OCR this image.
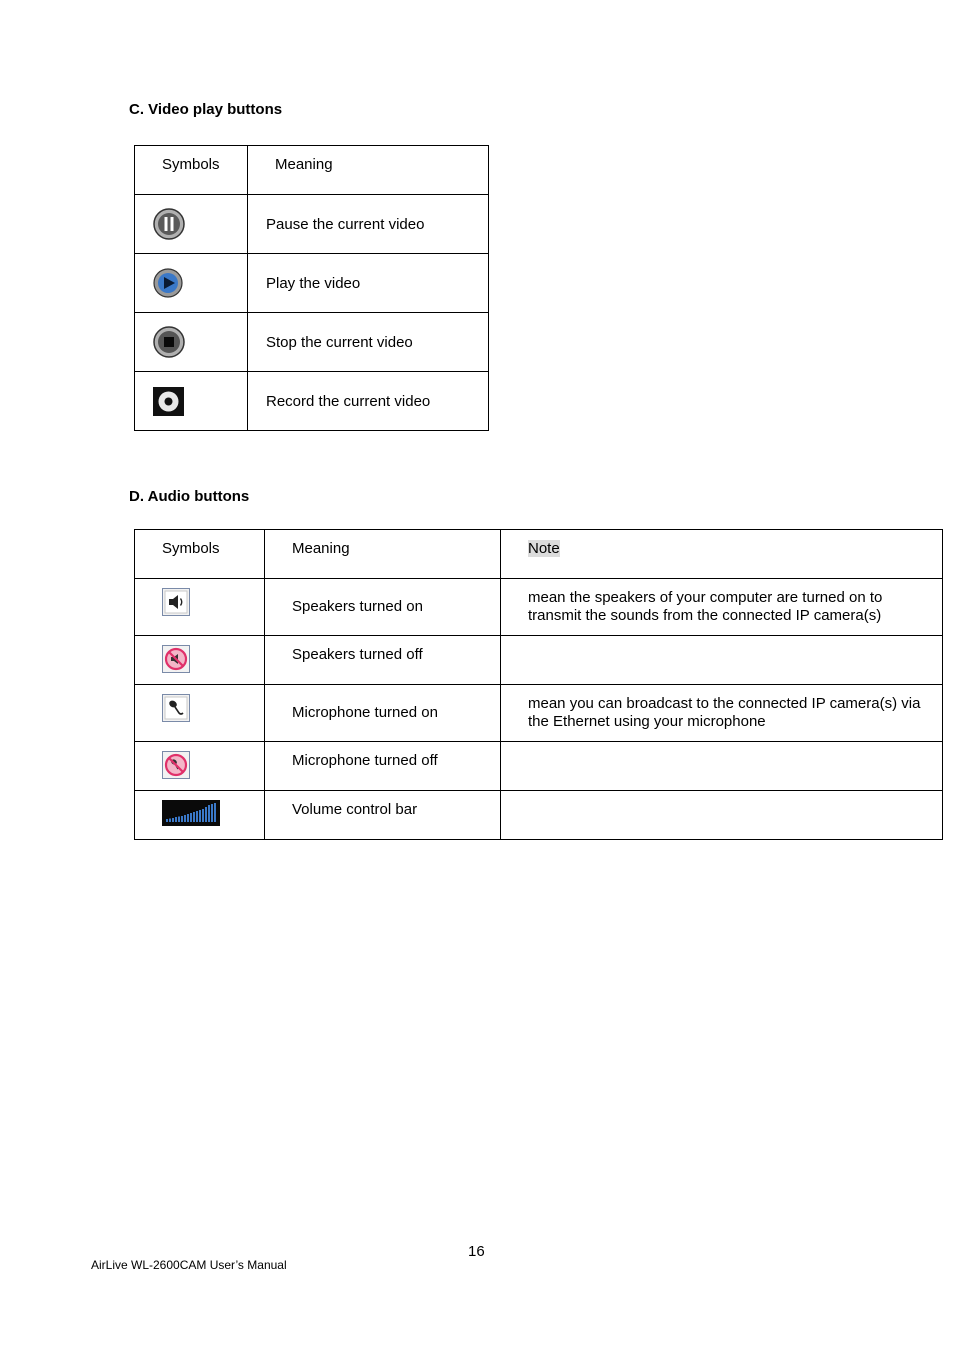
C. Video play buttons
Symbols	Meaning

Pause the current video

Play the video

Stop the current video

Record the current video
D. Audio buttons
Symbols	Meaning	Note

Speakers turned on	mean the speakers of your computer are turned on to transmit the sounds from the connected IP camera(s)

Speakers turned off	

Microphone turned on	mean you can broadcast to the connected IP camera(s) via the Ethernet using your microphone

Microphone turned off	

Volume control bar	

16
AirLive WL-2600CAM User’s Manual
